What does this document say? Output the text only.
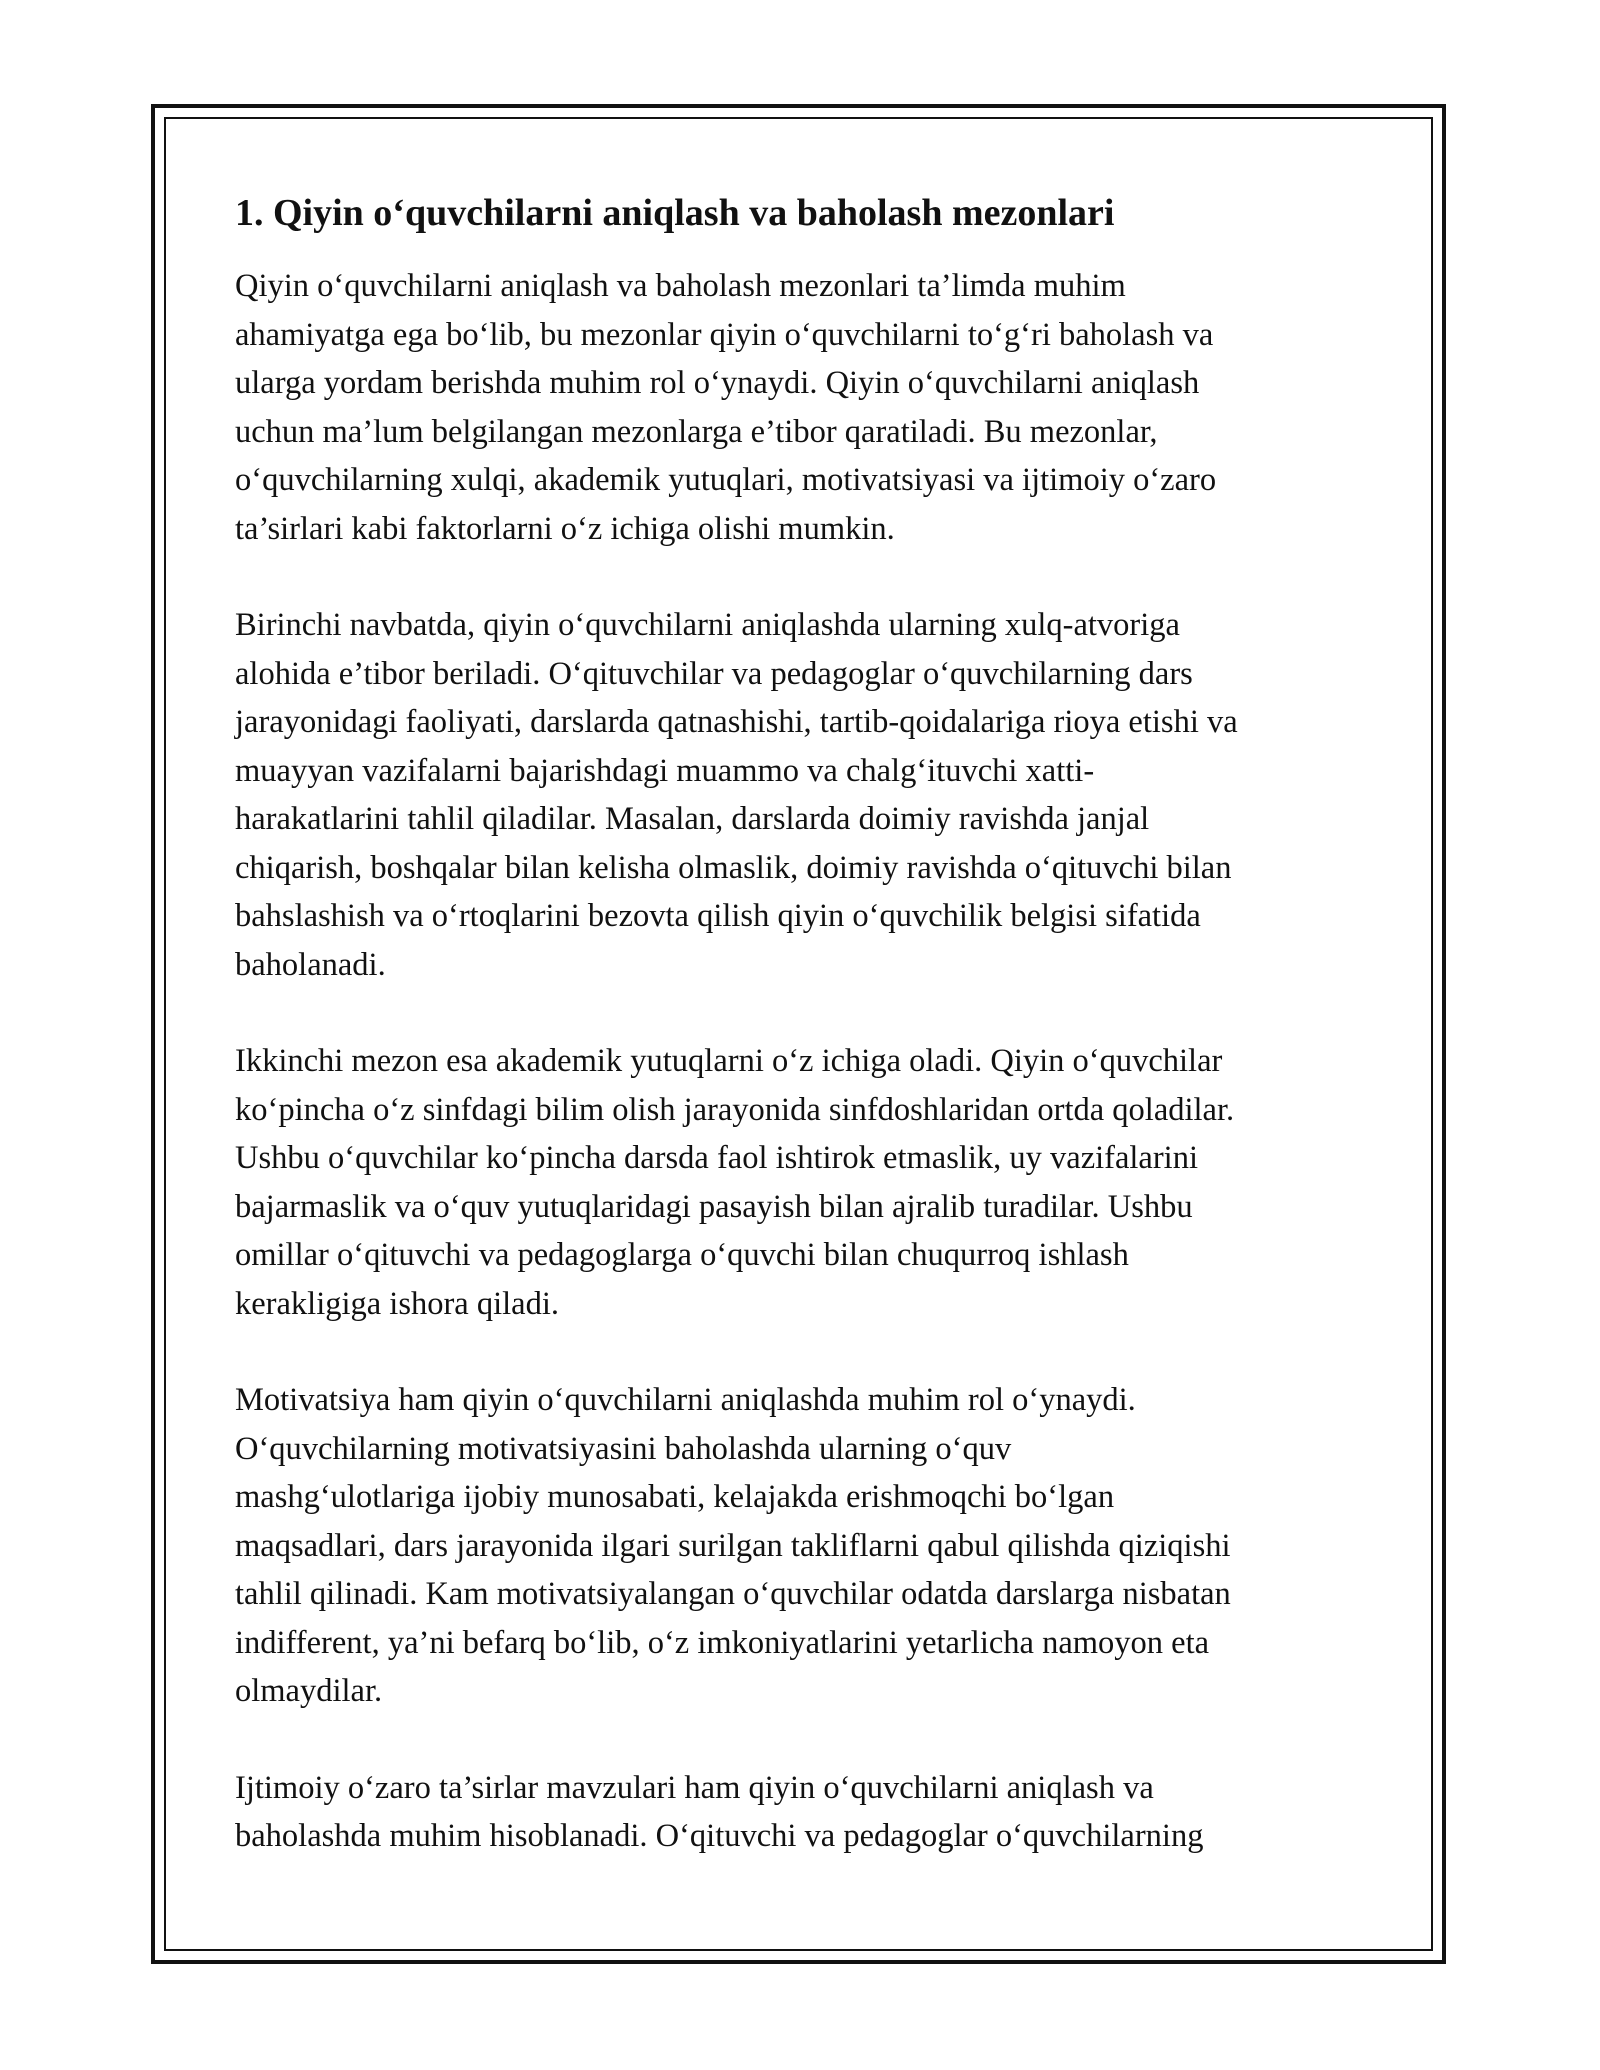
1. Qiyin o‘quvchilarni aniqlash va baholash mezonlari

Qiyin o‘quvchilarni aniqlash va baholash mezonlari ta’limda muhim
ahamiyatga ega bo‘lib, bu mezonlar qiyin o‘quvchilarni to‘g‘ri baholash va
ularga yordam berishda muhim rol o‘ynaydi. Qiyin o‘quvchilarni aniqlash
uchun ma’lum belgilangan mezonlarga e’tibor qaratiladi. Bu mezonlar,
o‘quvchilarning xulqi, akademik yutuqlari, motivatsiyasi va ijtimoiy o‘zaro
ta’sirlari kabi faktorlarni o‘z ichiga olishi mumkin.

Birinchi navbatda, qiyin o‘quvchilarni aniqlashda ularning xulq-atvoriga
alohida e’tibor beriladi. O‘qituvchilar va pedagoglar o‘quvchilarning dars
jarayonidagi faoliyati, darslarda qatnashishi, tartib-qoidalariga rioya etishi va
muayyan vazifalarni bajarishdagi muammo va chalg‘ituvchi xatti-
harakatlarini tahlil qiladilar. Masalan, darslarda doimiy ravishda janjal
chiqarish, boshqalar bilan kelisha olmaslik, doimiy ravishda o‘qituvchi bilan
bahslashish va o‘rtoqlarini bezovta qilish qiyin o‘quvchilik belgisi sifatida
baholanadi.

Ikkinchi mezon esa akademik yutuqlarni o‘z ichiga oladi. Qiyin o‘quvchilar
ko‘pincha o‘z sinfdagi bilim olish jarayonida sinfdoshlaridan ortda qoladilar.
Ushbu o‘quvchilar ko‘pincha darsda faol ishtirok etmaslik, uy vazifalarini
bajarmaslik va o‘quv yutuqlaridagi pasayish bilan ajralib turadilar. Ushbu
omillar o‘qituvchi va pedagoglarga o‘quvchi bilan chuqurroq ishlash
kerakligiga ishora qiladi.

Motivatsiya ham qiyin o‘quvchilarni aniqlashda muhim rol o‘ynaydi.
O‘quvchilarning motivatsiyasini baholashda ularning o‘quv
mashg‘ulotlariga ijobiy munosabati, kelajakda erishmoqchi bo‘lgan
maqsadlari, dars jarayonida ilgari surilgan takliflarni qabul qilishda qiziqishi
tahlil qilinadi. Kam motivatsiyalangan o‘quvchilar odatda darslarga nisbatan
indifferent, ya’ni befarq bo‘lib, o‘z imkoniyatlarini yetarlicha namoyon eta
olmaydilar.

Ijtimoiy o‘zaro ta’sirlar mavzulari ham qiyin o‘quvchilarni aniqlash va
baholashda muhim hisoblanadi. O‘qituvchi va pedagoglar o‘quvchilarning
